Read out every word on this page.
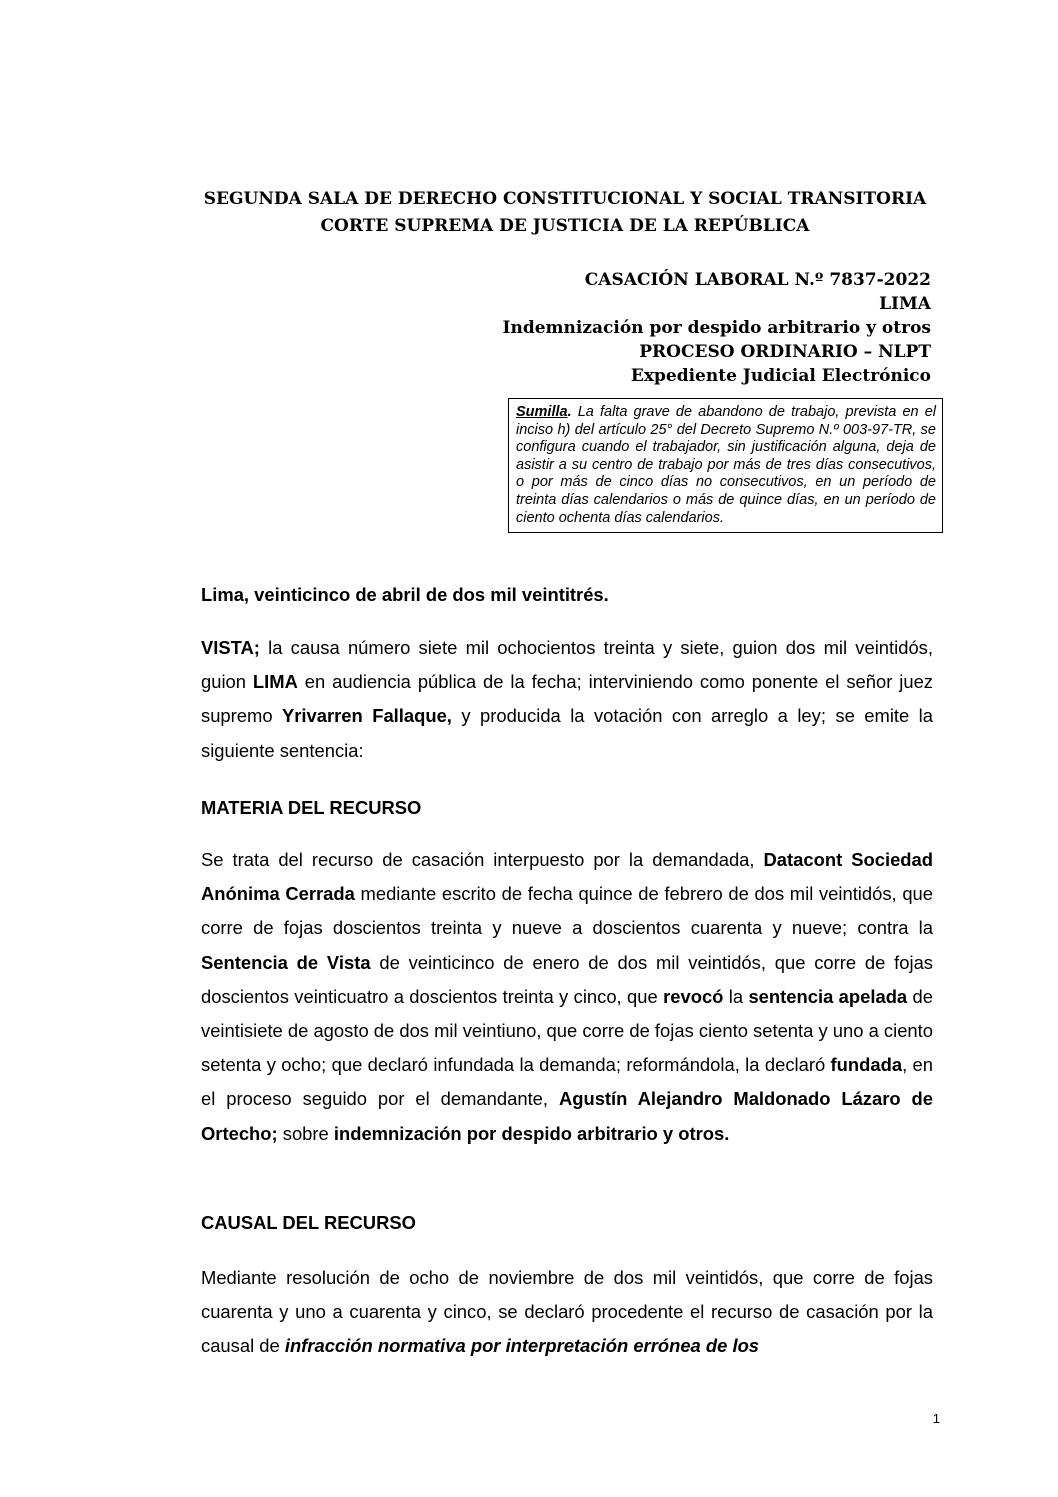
SEGUNDA SALA DE DERECHO CONSTITUCIONAL Y SOCIAL TRANSITORIA
CORTE SUPREMA DE JUSTICIA DE LA REPÚBLICA
CASACIÓN LABORAL N.º 7837-2022
LIMA
Indemnización por despido arbitrario y otros
PROCESO ORDINARIO – NLPT
Expediente Judicial Electrónico
Sumilla. La falta grave de abandono de trabajo, prevista en el inciso h) del artículo 25° del Decreto Supremo N.º 003-97-TR, se configura cuando el trabajador, sin justificación alguna, deja de asistir a su centro de trabajo por más de tres días consecutivos, o por más de cinco días no consecutivos, en un período de treinta días calendarios o más de quince días, en un período de ciento ochenta días calendarios.
Lima, veinticinco de abril de dos mil veintitrés.
VISTA; la causa número siete mil ochocientos treinta y siete, guion dos mil veintidós, guion LIMA en audiencia pública de la fecha; interviniendo como ponente el señor juez supremo Yrivarren Fallaque, y producida la votación con arreglo a ley; se emite la siguiente sentencia:
MATERIA DEL RECURSO
Se trata del recurso de casación interpuesto por la demandada, Datacont Sociedad Anónima Cerrada mediante escrito de fecha quince de febrero de dos mil veintidós, que corre de fojas doscientos treinta y nueve a doscientos cuarenta y nueve; contra la Sentencia de Vista de veinticinco de enero de dos mil veintidós, que corre de fojas doscientos veinticuatro a doscientos treinta y cinco, que revocó la sentencia apelada de veintisiete de agosto de dos mil veintiuno, que corre de fojas ciento setenta y uno a ciento setenta y ocho; que declaró infundada la demanda; reformándola, la declaró fundada, en el proceso seguido por el demandante, Agustín Alejandro Maldonado Lázaro de Ortecho; sobre indemnización por despido arbitrario y otros.
CAUSAL DEL RECURSO
Mediante resolución de ocho de noviembre de dos mil veintidós, que corre de fojas cuarenta y uno a cuarenta y cinco, se declaró procedente el recurso de casación por la causal de infracción normativa por interpretación errónea de los
1
